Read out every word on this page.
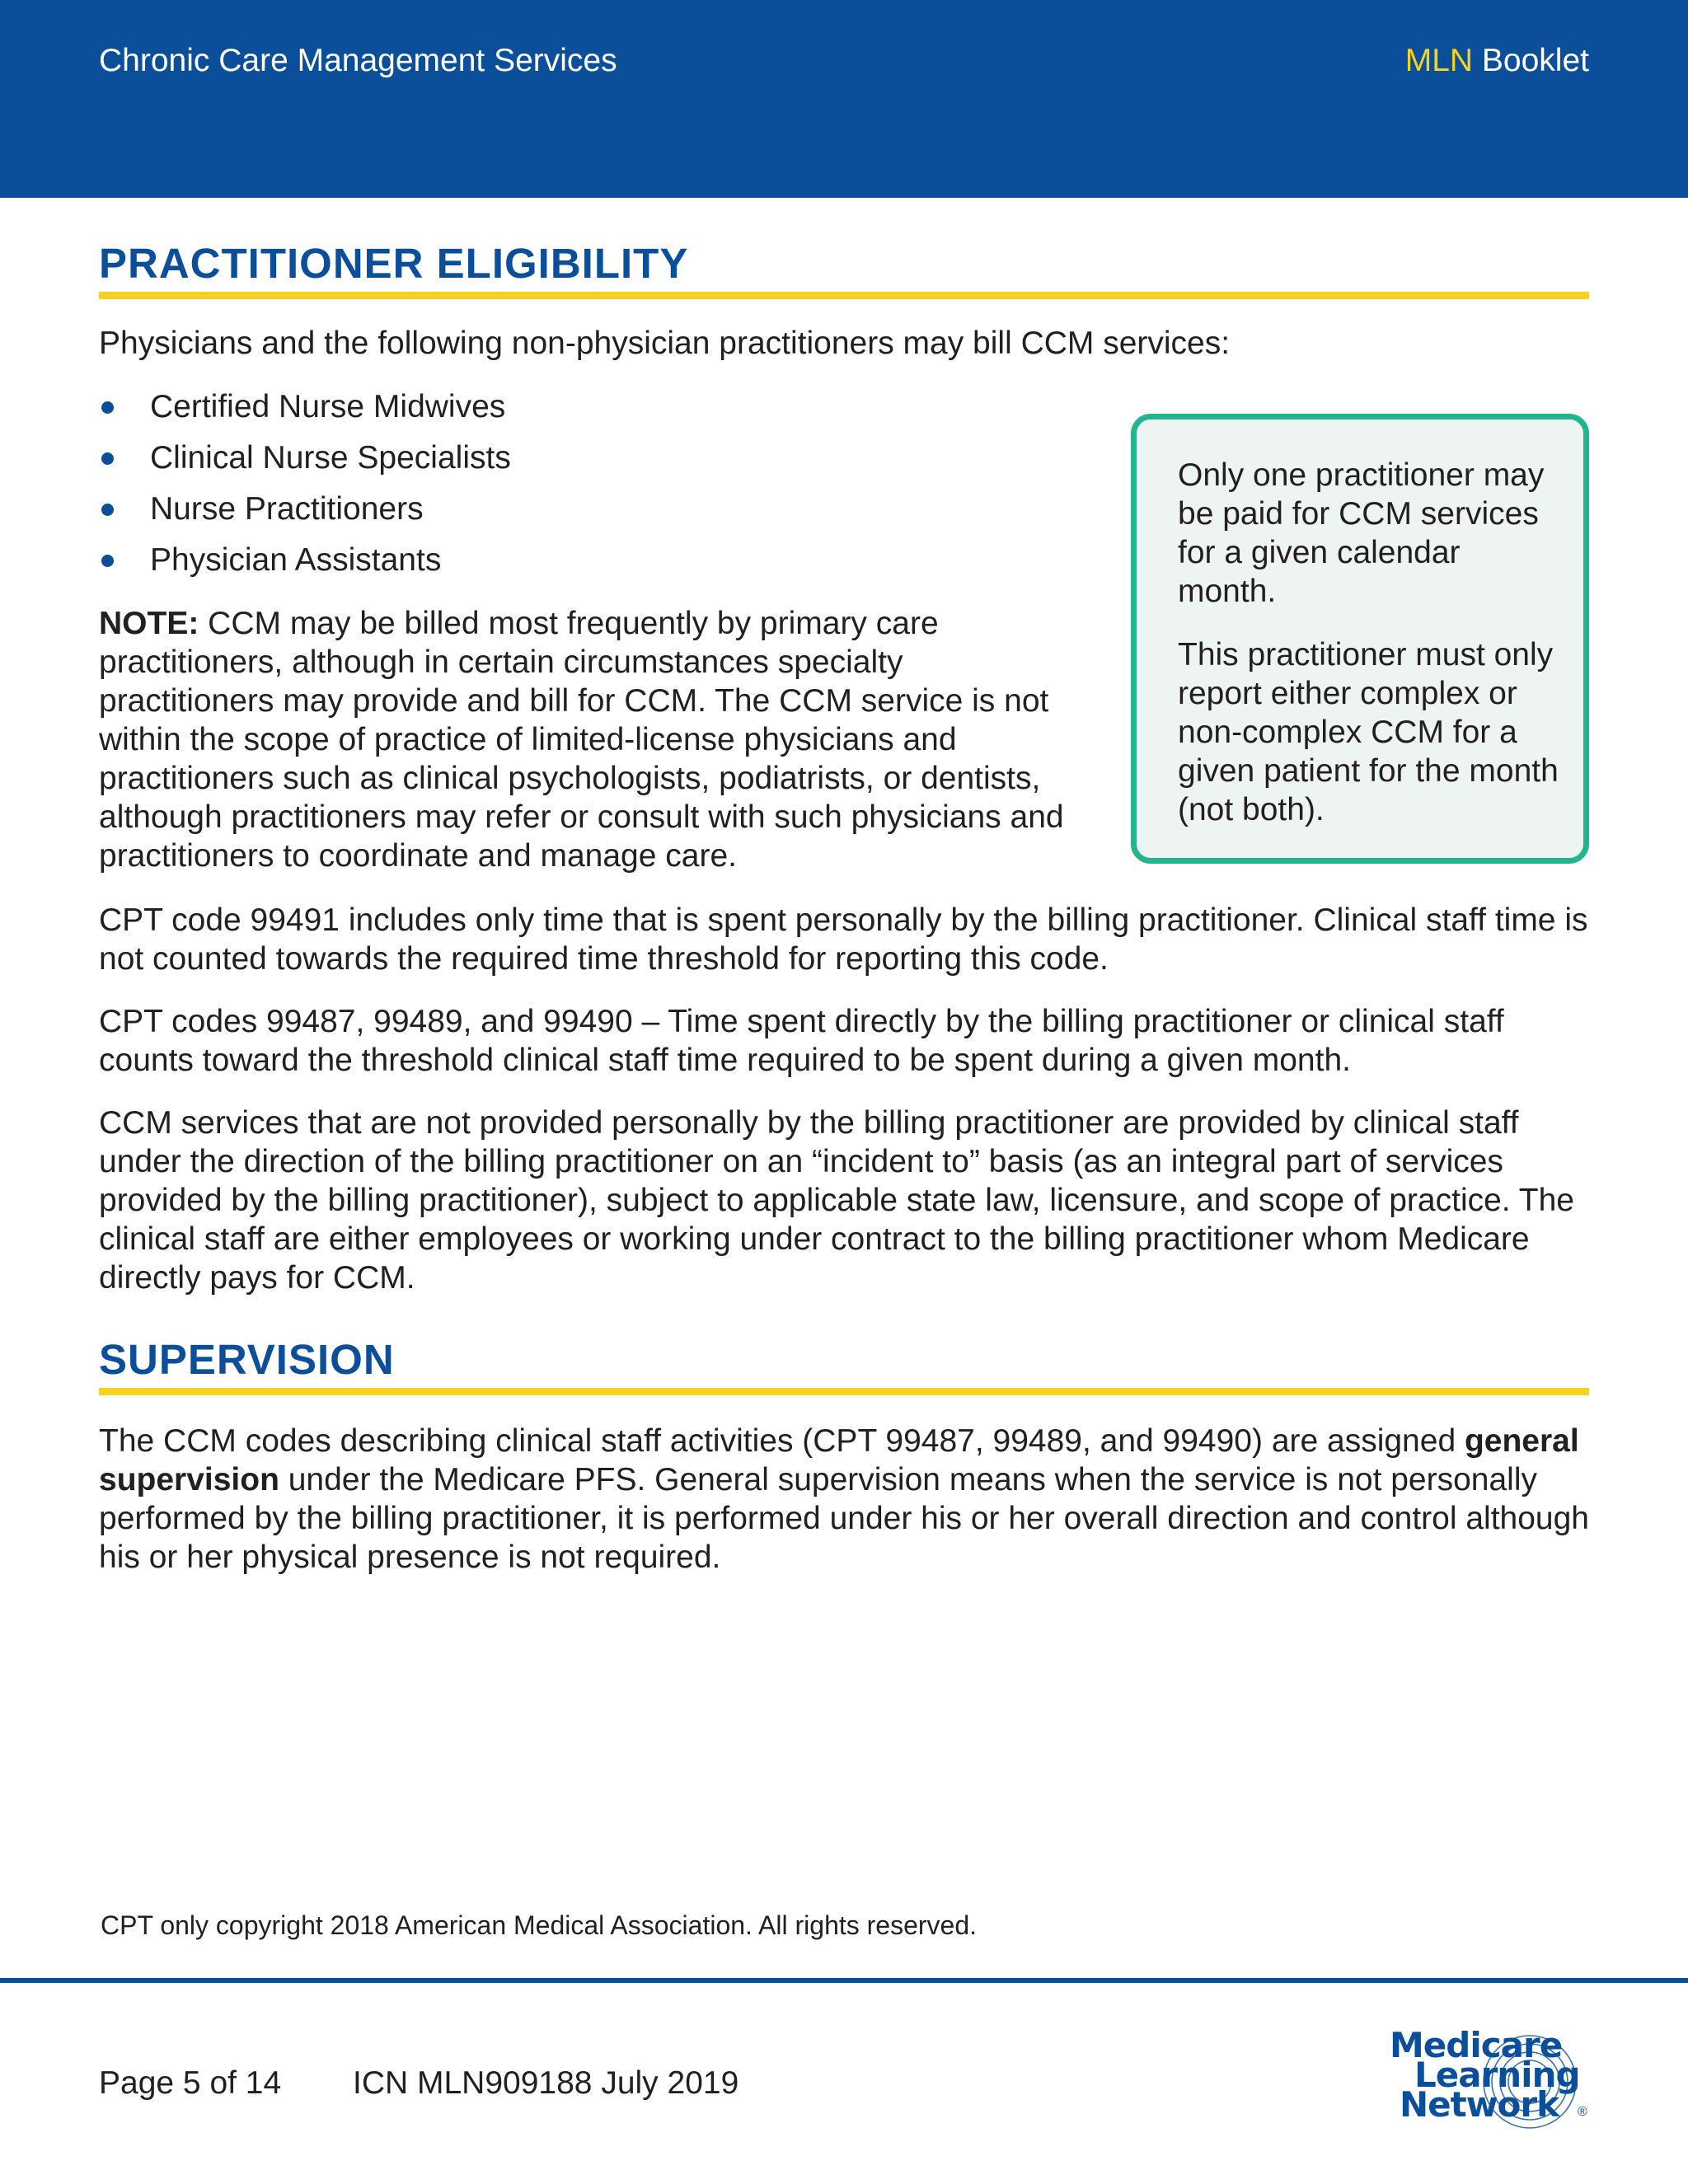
Chronic Care Management Services	MLN Booklet
PRACTITIONER ELIGIBILITY

Physicians and the following non-physician practitioners may bill CCM services:

Certified Nurse Midwives
Clinical Nurse Specialists
Nurse Practitioners
Physician Assistants

NOTE: CCM may be billed most frequently by primary care practitioners, although in certain circumstances specialty practitioners may provide and bill for CCM. The CCM service is not within the scope of practice of limited-license physicians and practitioners such as clinical psychologists, podiatrists, or dentists, although practitioners may refer or consult with such physicians and practitioners to coordinate and manage care.

Only one practitioner may be paid for CCM services for a given calendar month.

This practitioner must only report either complex or non-complex CCM for a given patient for the month (not both).

CPT code 99491 includes only time that is spent personally by the billing practitioner. Clinical staff time is not counted towards the required time threshold for reporting this code.

CPT codes 99487, 99489, and 99490 – Time spent directly by the billing practitioner or clinical staff counts toward the threshold clinical staff time required to be spent during a given month.

CCM services that are not provided personally by the billing practitioner are provided by clinical staff under the direction of the billing practitioner on an “incident to” basis (as an integral part of services provided by the billing practitioner), subject to applicable state law, licensure, and scope of practice. The clinical staff are either employees or working under contract to the billing practitioner whom Medicare directly pays for CCM.

SUPERVISION

The CCM codes describing clinical staff activities (CPT 99487, 99489, and 99490) are assigned general supervision under the Medicare PFS. General supervision means when the service is not personally performed by the billing practitioner, it is performed under his or her overall direction and control although his or her physical presence is not required.

CPT only copyright 2018 American Medical Association. All rights reserved.
Page 5 of 14 ICN MLN909188 July 2019
Medicare
Learning
Network ®
